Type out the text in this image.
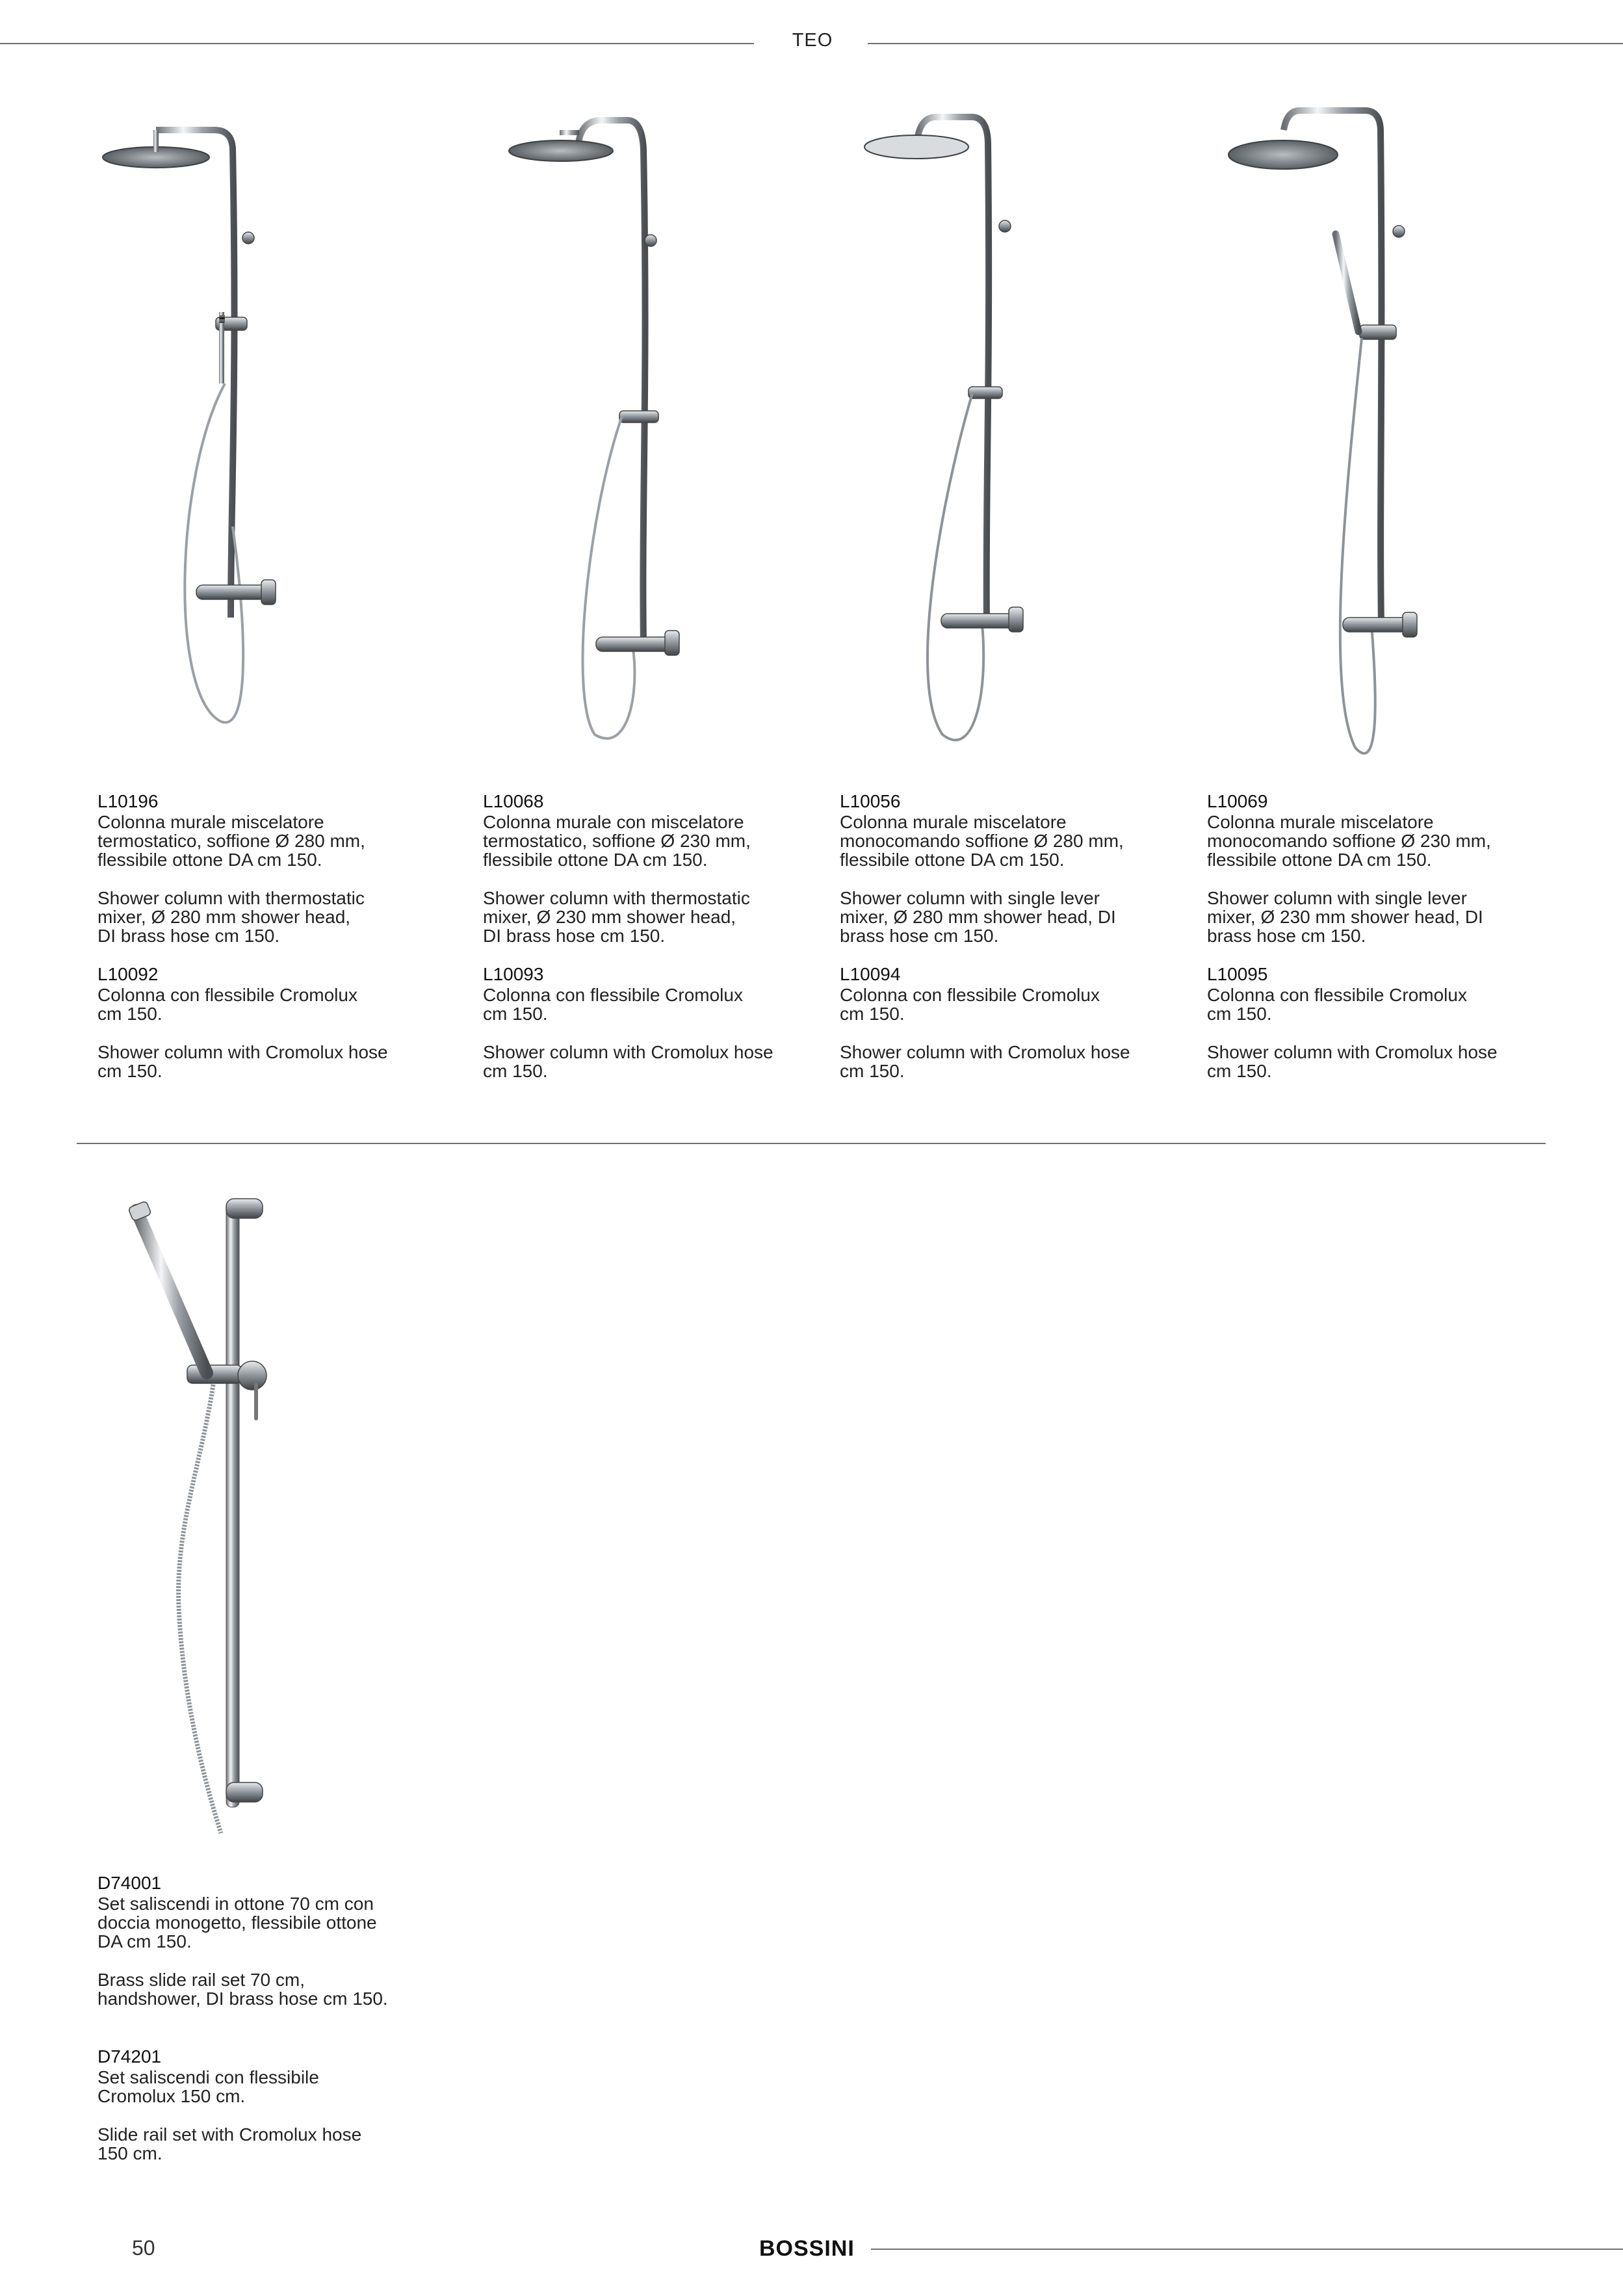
TEO

L10196

Colonna murale miscelatore
termostatico, soffione Ø 280 mm,
flessibile ottone DA cm 150.

Shower column with thermostatic
mixer, Ø 280 mm shower head,
DI brass hose cm 150.

L10092

Colonna con flessibile Cromolux
cm 150.

Shower column with Cromolux hose
cm 150.

L10068

Colonna murale con miscelatore
termostatico, soffione Ø 230 mm,
flessibile ottone DA cm 150.

Shower column with thermostatic
mixer, Ø 230 mm shower head,
DI brass hose cm 150.

L10093

Colonna con flessibile Cromolux
cm 150.

Shower column with Cromolux hose
cm 150.

L10056

Colonna murale miscelatore
monocomando soffione Ø 280 mm,
flessibile ottone DA cm 150.

Shower column with single lever
mixer, Ø 280 mm shower head, DI
brass hose cm 150.

L10094

Colonna con flessibile Cromolux
cm 150.

Shower column with Cromolux hose
cm 150.

L10069

Colonna murale miscelatore
monocomando soffione Ø 230 mm,
flessibile ottone DA cm 150.

Shower column with single lever
mixer, Ø 230 mm shower head, DI
brass hose cm 150.

L10095

Colonna con flessibile Cromolux
cm 150.

Shower column with Cromolux hose
cm 150.

D74001

Set saliscendi in ottone 70 cm con
doccia monogetto, flessibile ottone
DA cm 150.

Brass slide rail set 70 cm,
handshower, DI brass hose cm 150.

D74201

Set saliscendi con flessibile
Cromolux 150 cm.

Slide rail set with Cromolux hose
150 cm.

50	BOSSINI
